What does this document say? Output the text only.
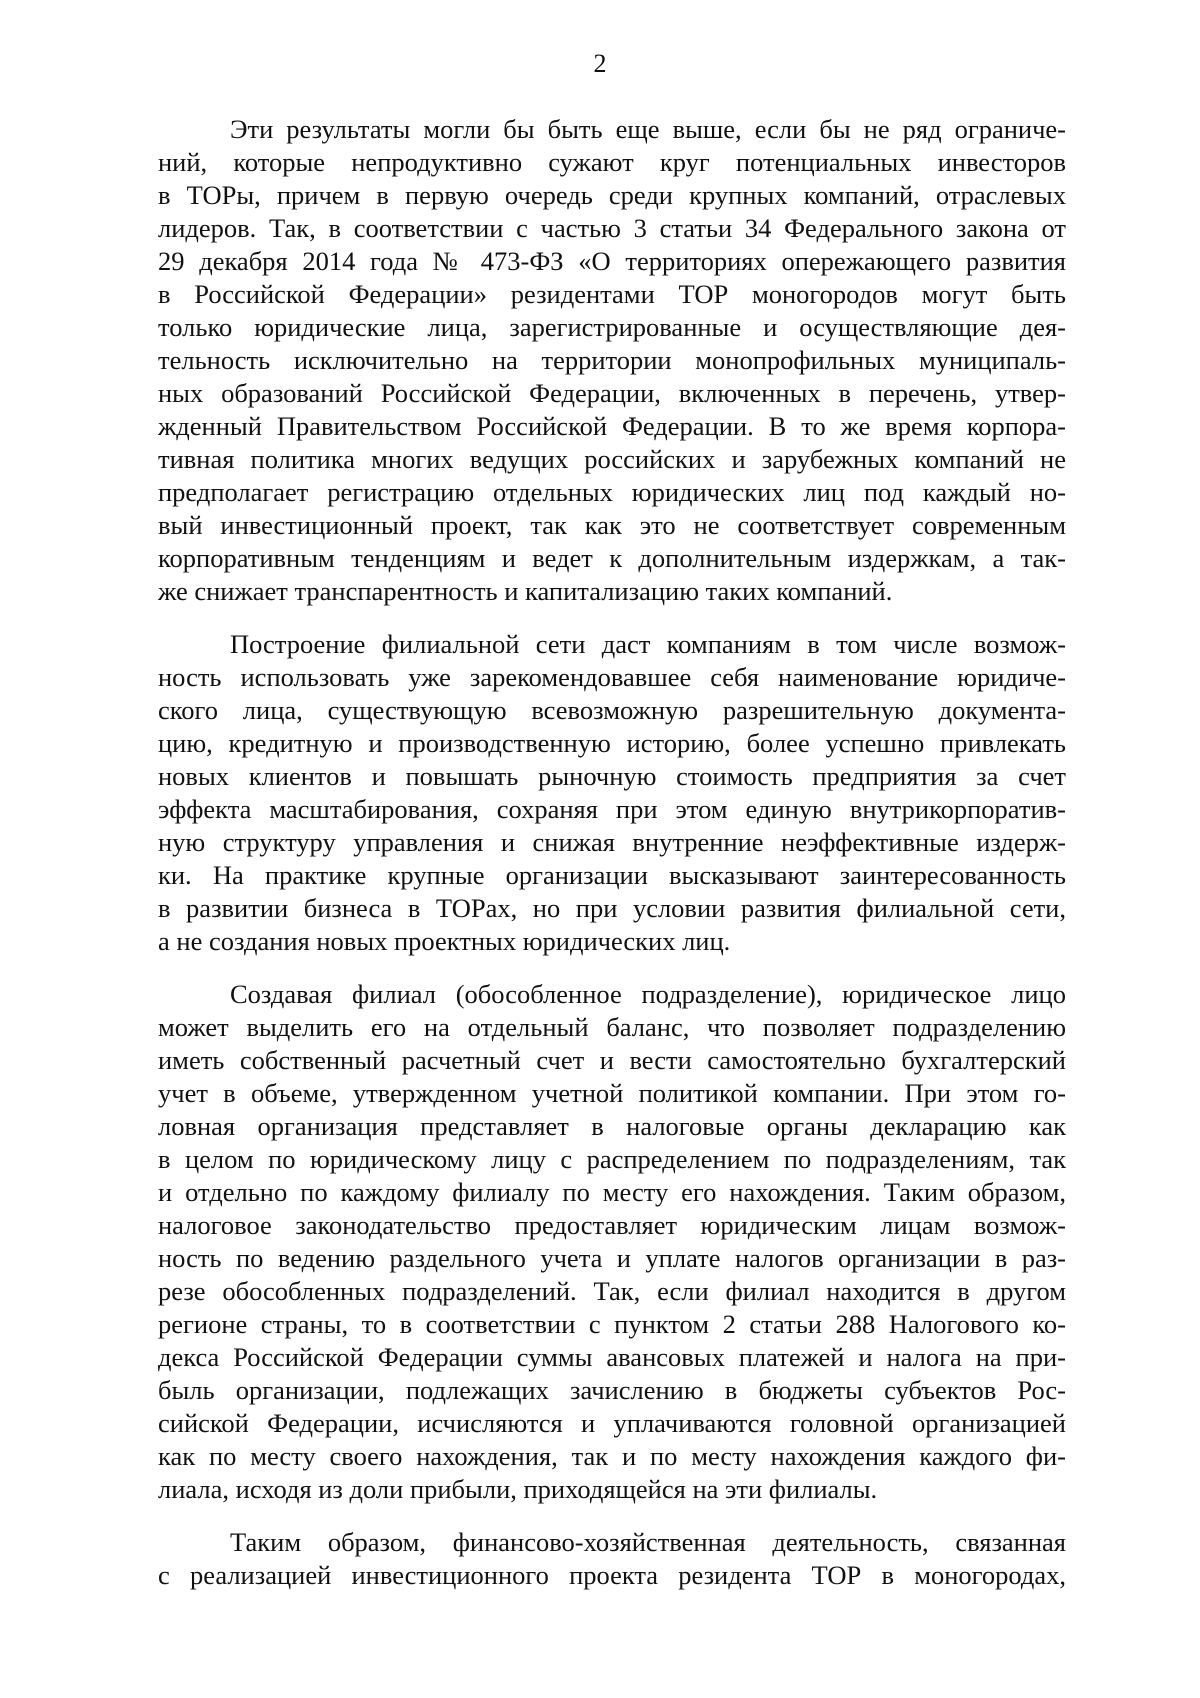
2

Эти результаты могли бы быть еще выше, если бы не ряд ограниче-
ний, которые непродуктивно сужают круг потенциальных инвесторов
в ТОРы, причем в первую очередь среди крупных компаний, отраслевых
лидеров. Так, в соответствии с частью 3 статьи 34 Федерального закона от
29 декабря 2014 года № 473-ФЗ «О территориях опережающего развития
в Российской Федерации» резидентами ТОР моногородов могут быть
только юридические лица, зарегистрированные и осуществляющие дея-
тельность исключительно на территории монопрофильных муниципаль-
ных образований Российской Федерации, включенных в перечень, утвер-
жденный Правительством Российской Федерации. В то же время корпора-
тивная политика многих ведущих российских и зарубежных компаний не
предполагает регистрацию отдельных юридических лиц под каждый но-
вый инвестиционный проект, так как это не соответствует современным
корпоративным тенденциям и ведет к дополнительным издержкам, а так-
же снижает транспарентность и капитализацию таких компаний.

Построение филиальной сети даст компаниям в том числе возмож-
ность использовать уже зарекомендовавшее себя наименование юридиче-
ского лица, существующую всевозможную разрешительную документа-
цию, кредитную и производственную историю, более успешно привлекать
новых клиентов и повышать рыночную стоимость предприятия за счет
эффекта масштабирования, сохраняя при этом единую внутрикорпоратив-
ную структуру управления и снижая внутренние неэффективные издерж-
ки. На практике крупные организации высказывают заинтересованность
в развитии бизнеса в ТОРах, но при условии развития филиальной сети,
а не создания новых проектных юридических лиц.

Создавая филиал (обособленное подразделение), юридическое лицо
может выделить его на отдельный баланс, что позволяет подразделению
иметь собственный расчетный счет и вести самостоятельно бухгалтерский
учет в объеме, утвержденном учетной политикой компании. При этом го-
ловная организация представляет в налоговые органы декларацию как
в целом по юридическому лицу с распределением по подразделениям, так
и отдельно по каждому филиалу по месту его нахождения. Таким образом,
налоговое законодательство предоставляет юридическим лицам возмож-
ность по ведению раздельного учета и уплате налогов организации в раз-
резе обособленных подразделений. Так, если филиал находится в другом
регионе страны, то в соответствии с пунктом 2 статьи 288 Налогового ко-
декса Российской Федерации суммы авансовых платежей и налога на при-
быль организации, подлежащих зачислению в бюджеты субъектов Рос-
сийской Федерации, исчисляются и уплачиваются головной организацией
как по месту своего нахождения, так и по месту нахождения каждого фи-
лиала, исходя из доли прибыли, приходящейся на эти филиалы.

Таким образом, финансово-хозяйственная деятельность, связанная
с реализацией инвестиционного проекта резидента ТОР в моногородах,
